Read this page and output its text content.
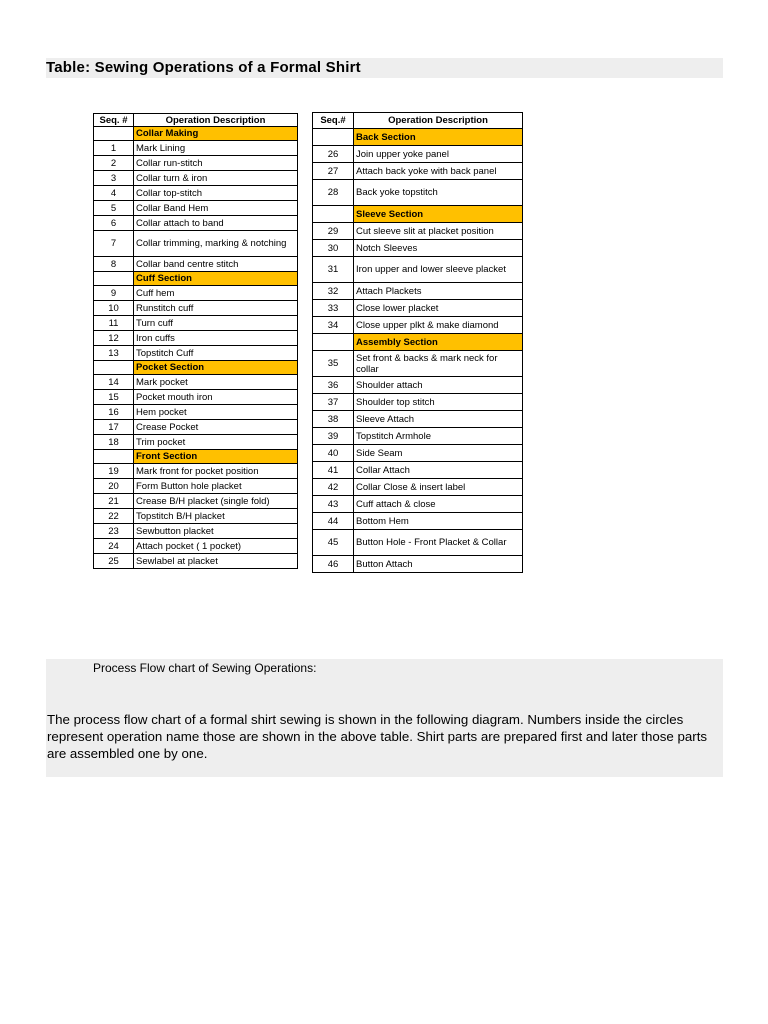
Table: Sewing Operations of a Formal Shirt
Seq. #	Operation Description
	Collar Making
1	Mark Lining
2	Collar run-stitch
3	Collar turn & iron
4	Collar top-stitch
5	Collar Band Hem
6	Collar attach to band
7	Collar trimming, marking & notching
8	Collar band centre stitch
	Cuff Section
9	Cuff hem
10	Runstitch cuff
11	Turn cuff
12	Iron cuffs
13	Topstitch Cuff
	Pocket Section
14	Mark pocket
15	Pocket mouth iron
16	Hem pocket
17	Crease Pocket
18	Trim pocket
	Front Section
19	Mark front for pocket position
20	Form Button hole placket
21	Crease B/H placket (single fold)
22	Topstitch B/H placket
23	Sewbutton placket
24	Attach pocket ( 1 pocket)
25	Sewlabel at placket
Seq.#	Operation Description
	Back Section
26	Join upper yoke panel
27	Attach back yoke with back panel
28	Back yoke topstitch
	Sleeve Section
29	Cut sleeve slit at placket position
30	Notch Sleeves
31	Iron upper and lower sleeve placket
32	Attach Plackets
33	Close lower placket
34	Close upper plkt & make diamond
	Assembly Section
35	Set front & backs & mark neck for collar
36	Shoulder attach
37	Shoulder top stitch
38	Sleeve Attach
39	Topstitch Armhole
40	Side Seam
41	Collar Attach
42	Collar Close & insert label
43	Cuff attach & close
44	Bottom Hem
45	Button Hole - Front Placket & Collar
46	Button Attach
Process Flow chart of Sewing Operations:
The process flow chart of a formal shirt sewing is shown in the following diagram. Numbers inside the circles represent operation name those are shown in the above table. Shirt parts are prepared first and later those parts are assembled one by one.
